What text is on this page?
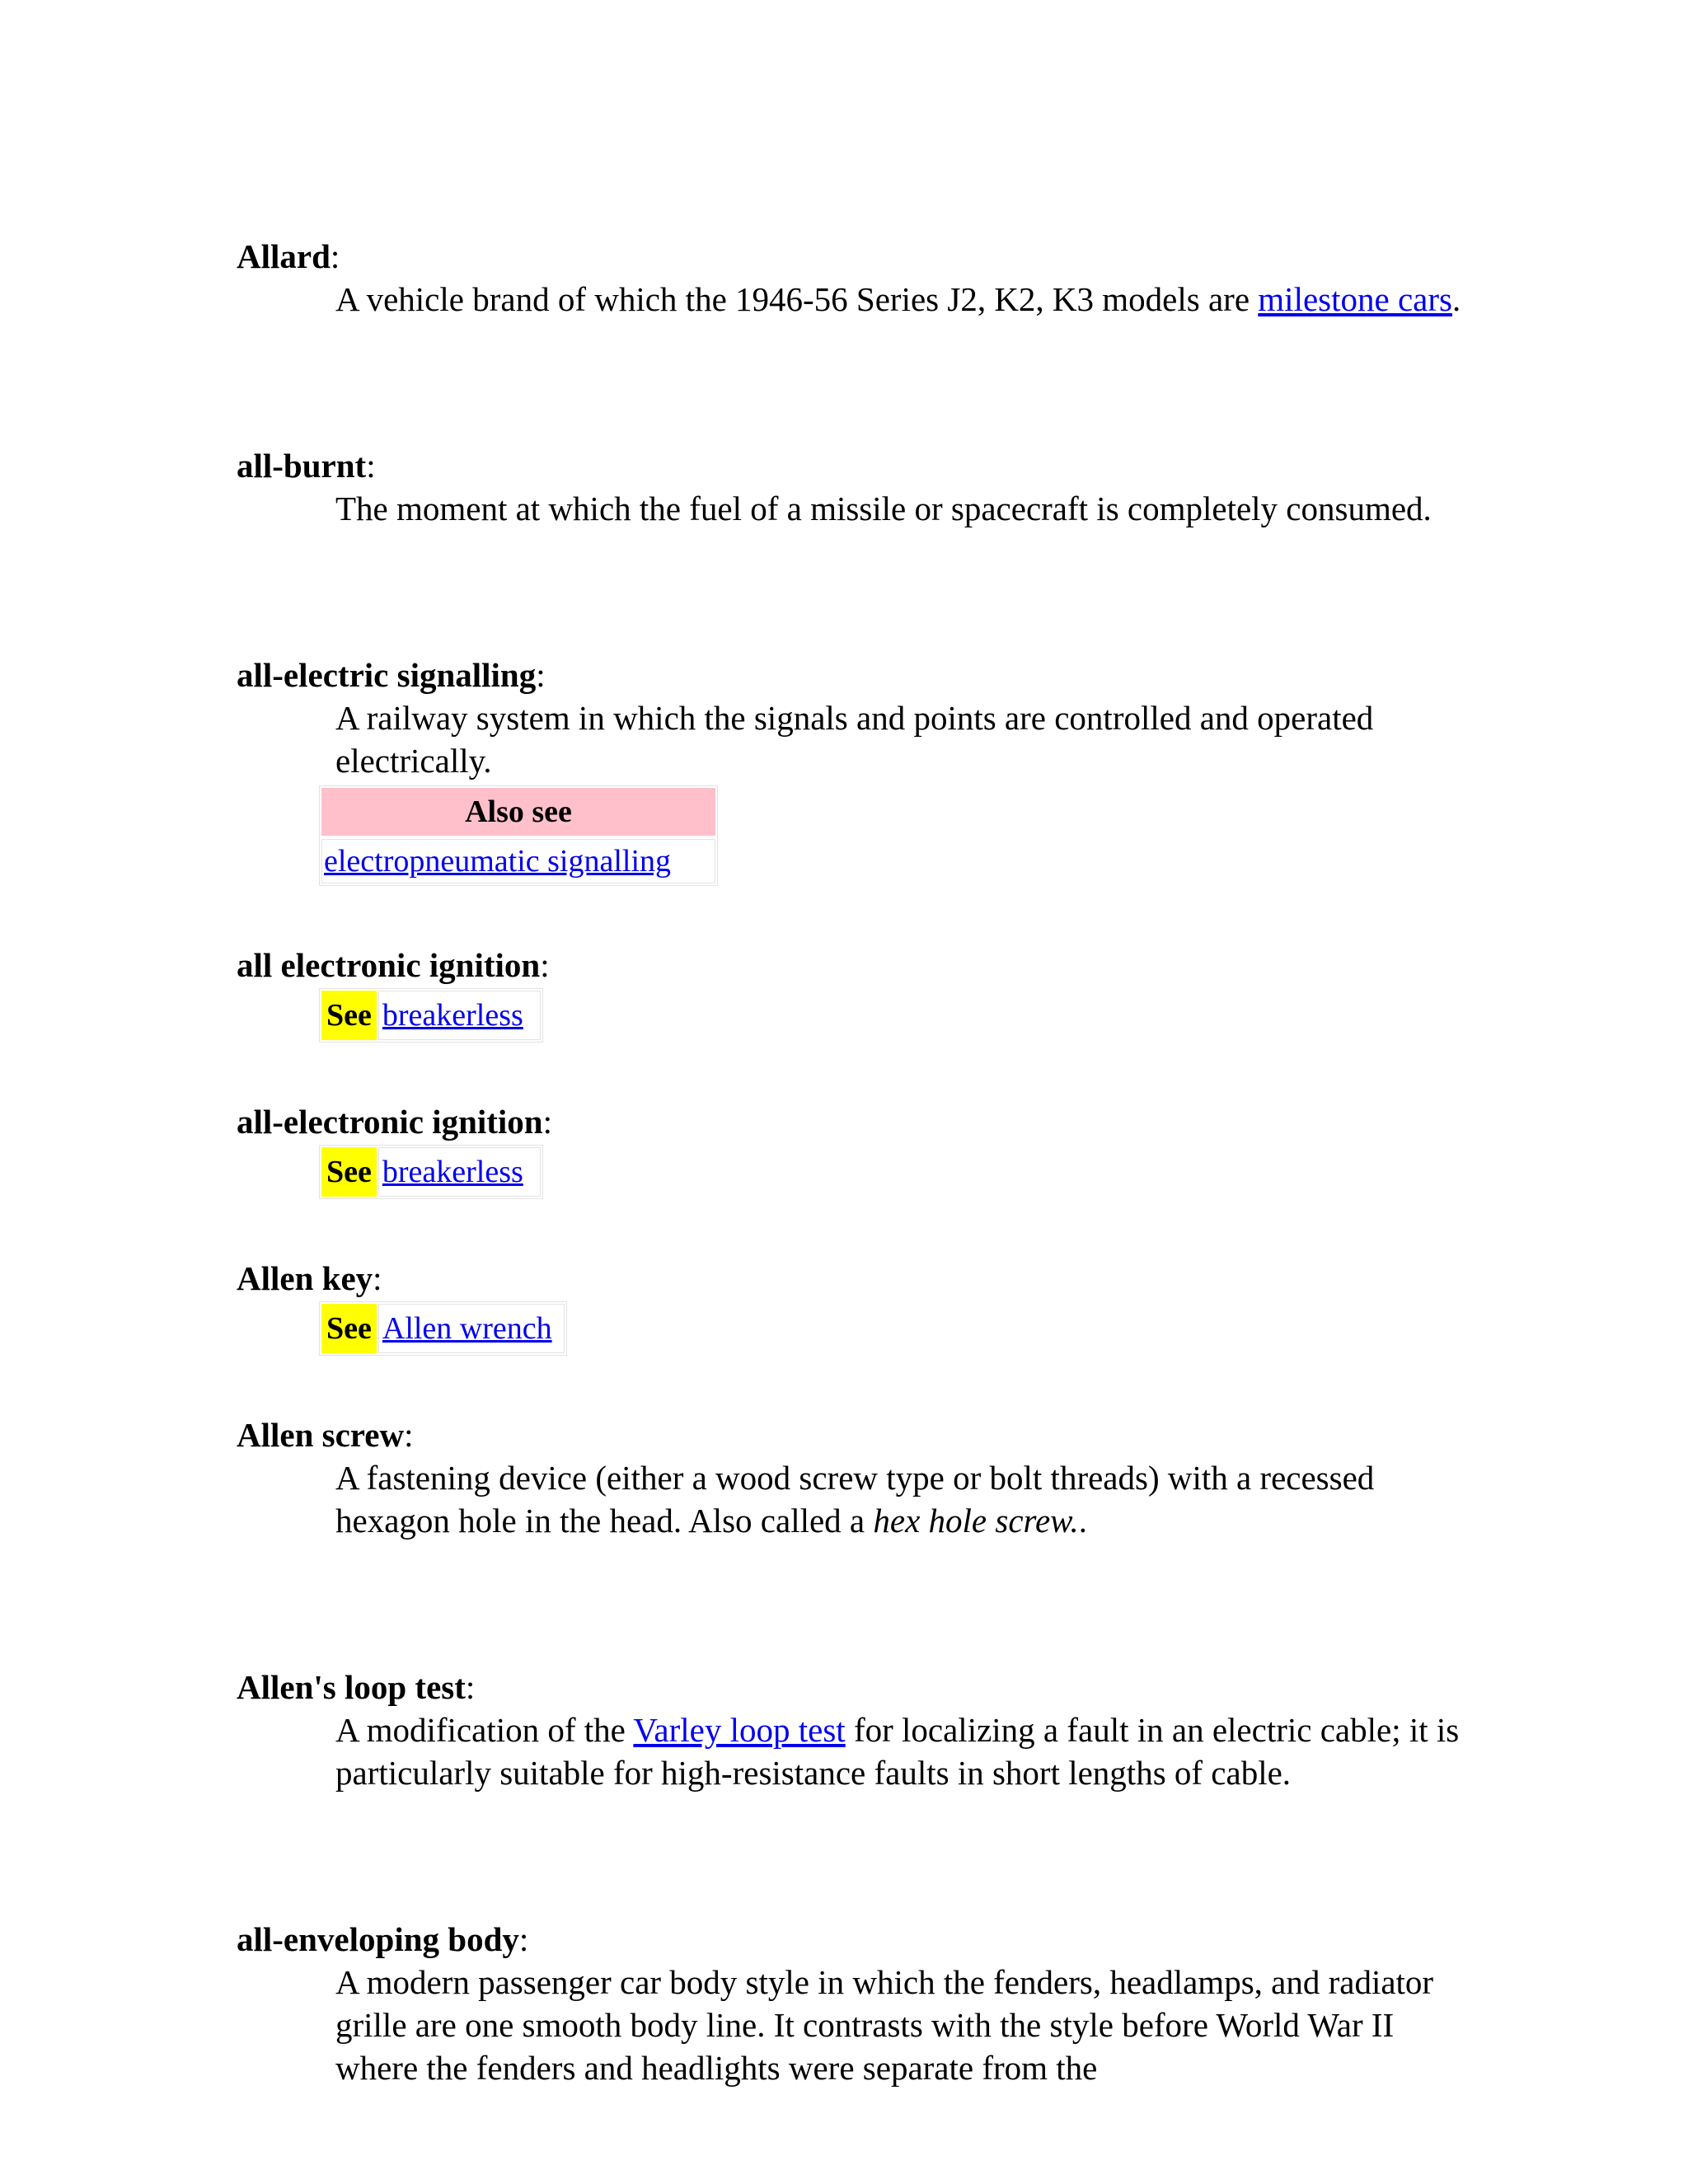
Allard:

A vehicle brand of which the 1946-56 Series J2, K2, K3 models are milestone cars.

all-burnt:

The moment at which the fuel of a missile or spacecraft is completely consumed.

all-electric signalling:

A railway system in which the signals and points are controlled and operated electrically.

Also see
electropneumatic signalling

all electronic ignition:

See breakerless

all-electronic ignition:

See breakerless

Allen key:

See Allen wrench

Allen screw:

A fastening device (either a wood screw type or bolt threads) with a recessed hexagon hole in the head. Also called a hex hole screw..

Allen's loop test:

A modification of the Varley loop test for localizing a fault in an electric cable; it is particularly suitable for high-resistance faults in short lengths of cable.

all-enveloping body:

A modern passenger car body style in which the fenders, headlamps, and radiator grille are one smooth body line. It contrasts with the style before World War II where the fenders and headlights were separate from the
